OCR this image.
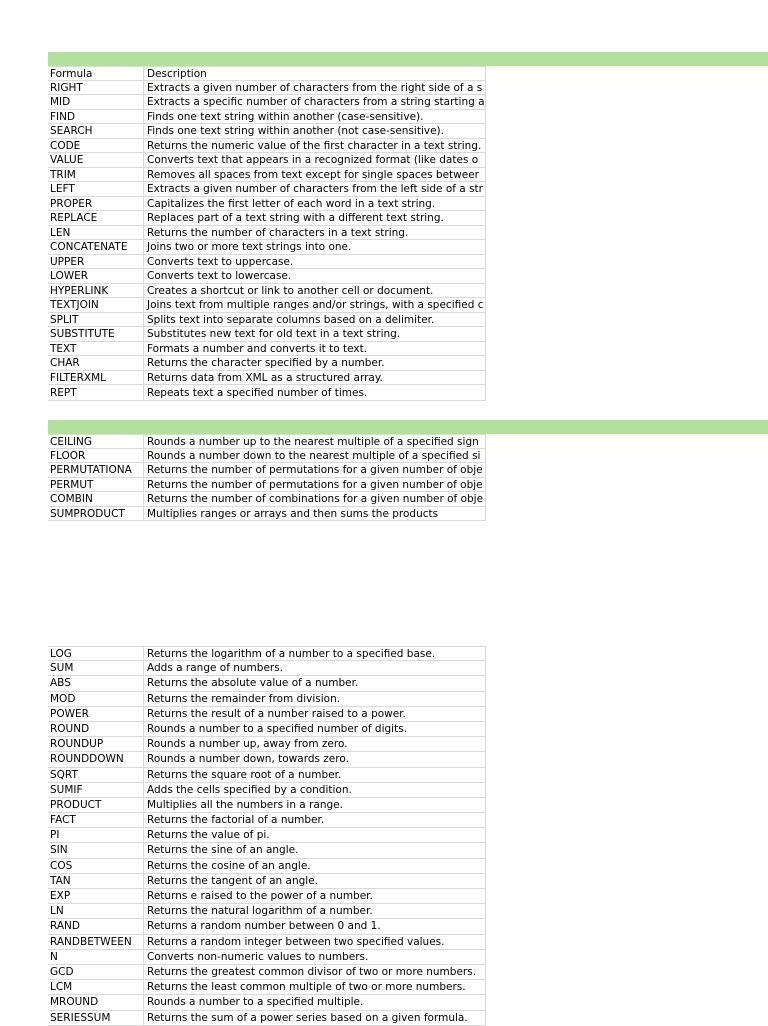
Formula	Description
RIGHT	Extracts a given number of characters from the right side of a s
MID	Extracts a specific number of characters from a string starting a
FIND	Finds one text string within another (case-sensitive).
SEARCH	Finds one text string within another (not case-sensitive).
CODE	Returns the numeric value of the first character in a text string.
VALUE	Converts text that appears in a recognized format (like dates o
TRIM	Removes all spaces from text except for single spaces betweer
LEFT	Extracts a given number of characters from the left side of a str
PROPER	Capitalizes the first letter of each word in a text string.
REPLACE	Replaces part of a text string with a different text string.
LEN	Returns the number of characters in a text string.
CONCATENATE	Joins two or more text strings into one.
UPPER	Converts text to uppercase.
LOWER	Converts text to lowercase.
HYPERLINK	Creates a shortcut or link to another cell or document.
TEXTJOIN	Joins text from multiple ranges and/or strings, with a specified c
SPLIT	Splits text into separate columns based on a delimiter.
SUBSTITUTE	Substitutes new text for old text in a text string.
TEXT	Formats a number and converts it to text.
CHAR	Returns the character specified by a number.
FILTERXML	Returns data from XML as a structured array.
REPT	Repeats text a specified number of times.
CEILING	Rounds a number up to the nearest multiple of a specified sign
FLOOR	Rounds a number down to the nearest multiple of a specified si
PERMUTATIONA	Returns the number of permutations for a given number of obje
PERMUT	Returns the number of permutations for a given number of obje
COMBIN	Returns the number of combinations for a given number of obje
SUMPRODUCT	Multiplies ranges or arrays and then sums the products
LOG	Returns the logarithm of a number to a specified base.
SUM	Adds a range of numbers.
ABS	Returns the absolute value of a number.
MOD	Returns the remainder from division.
POWER	Returns the result of a number raised to a power.
ROUND	Rounds a number to a specified number of digits.
ROUNDUP	Rounds a number up, away from zero.
ROUNDDOWN	Rounds a number down, towards zero.
SQRT	Returns the square root of a number.
SUMIF	Adds the cells specified by a condition.
PRODUCT	Multiplies all the numbers in a range.
FACT	Returns the factorial of a number.
PI	Returns the value of pi.
SIN	Returns the sine of an angle.
COS	Returns the cosine of an angle.
TAN	Returns the tangent of an angle.
EXP	Returns e raised to the power of a number.
LN	Returns the natural logarithm of a number.
RAND	Returns a random number between 0 and 1.
RANDBETWEEN	Returns a random integer between two specified values.
N	Converts non-numeric values to numbers.
GCD	Returns the greatest common divisor of two or more numbers.
LCM	Returns the least common multiple of two or more numbers.
MROUND	Rounds a number to a specified multiple.
SERIESSUM	Returns the sum of a power series based on a given formula.
